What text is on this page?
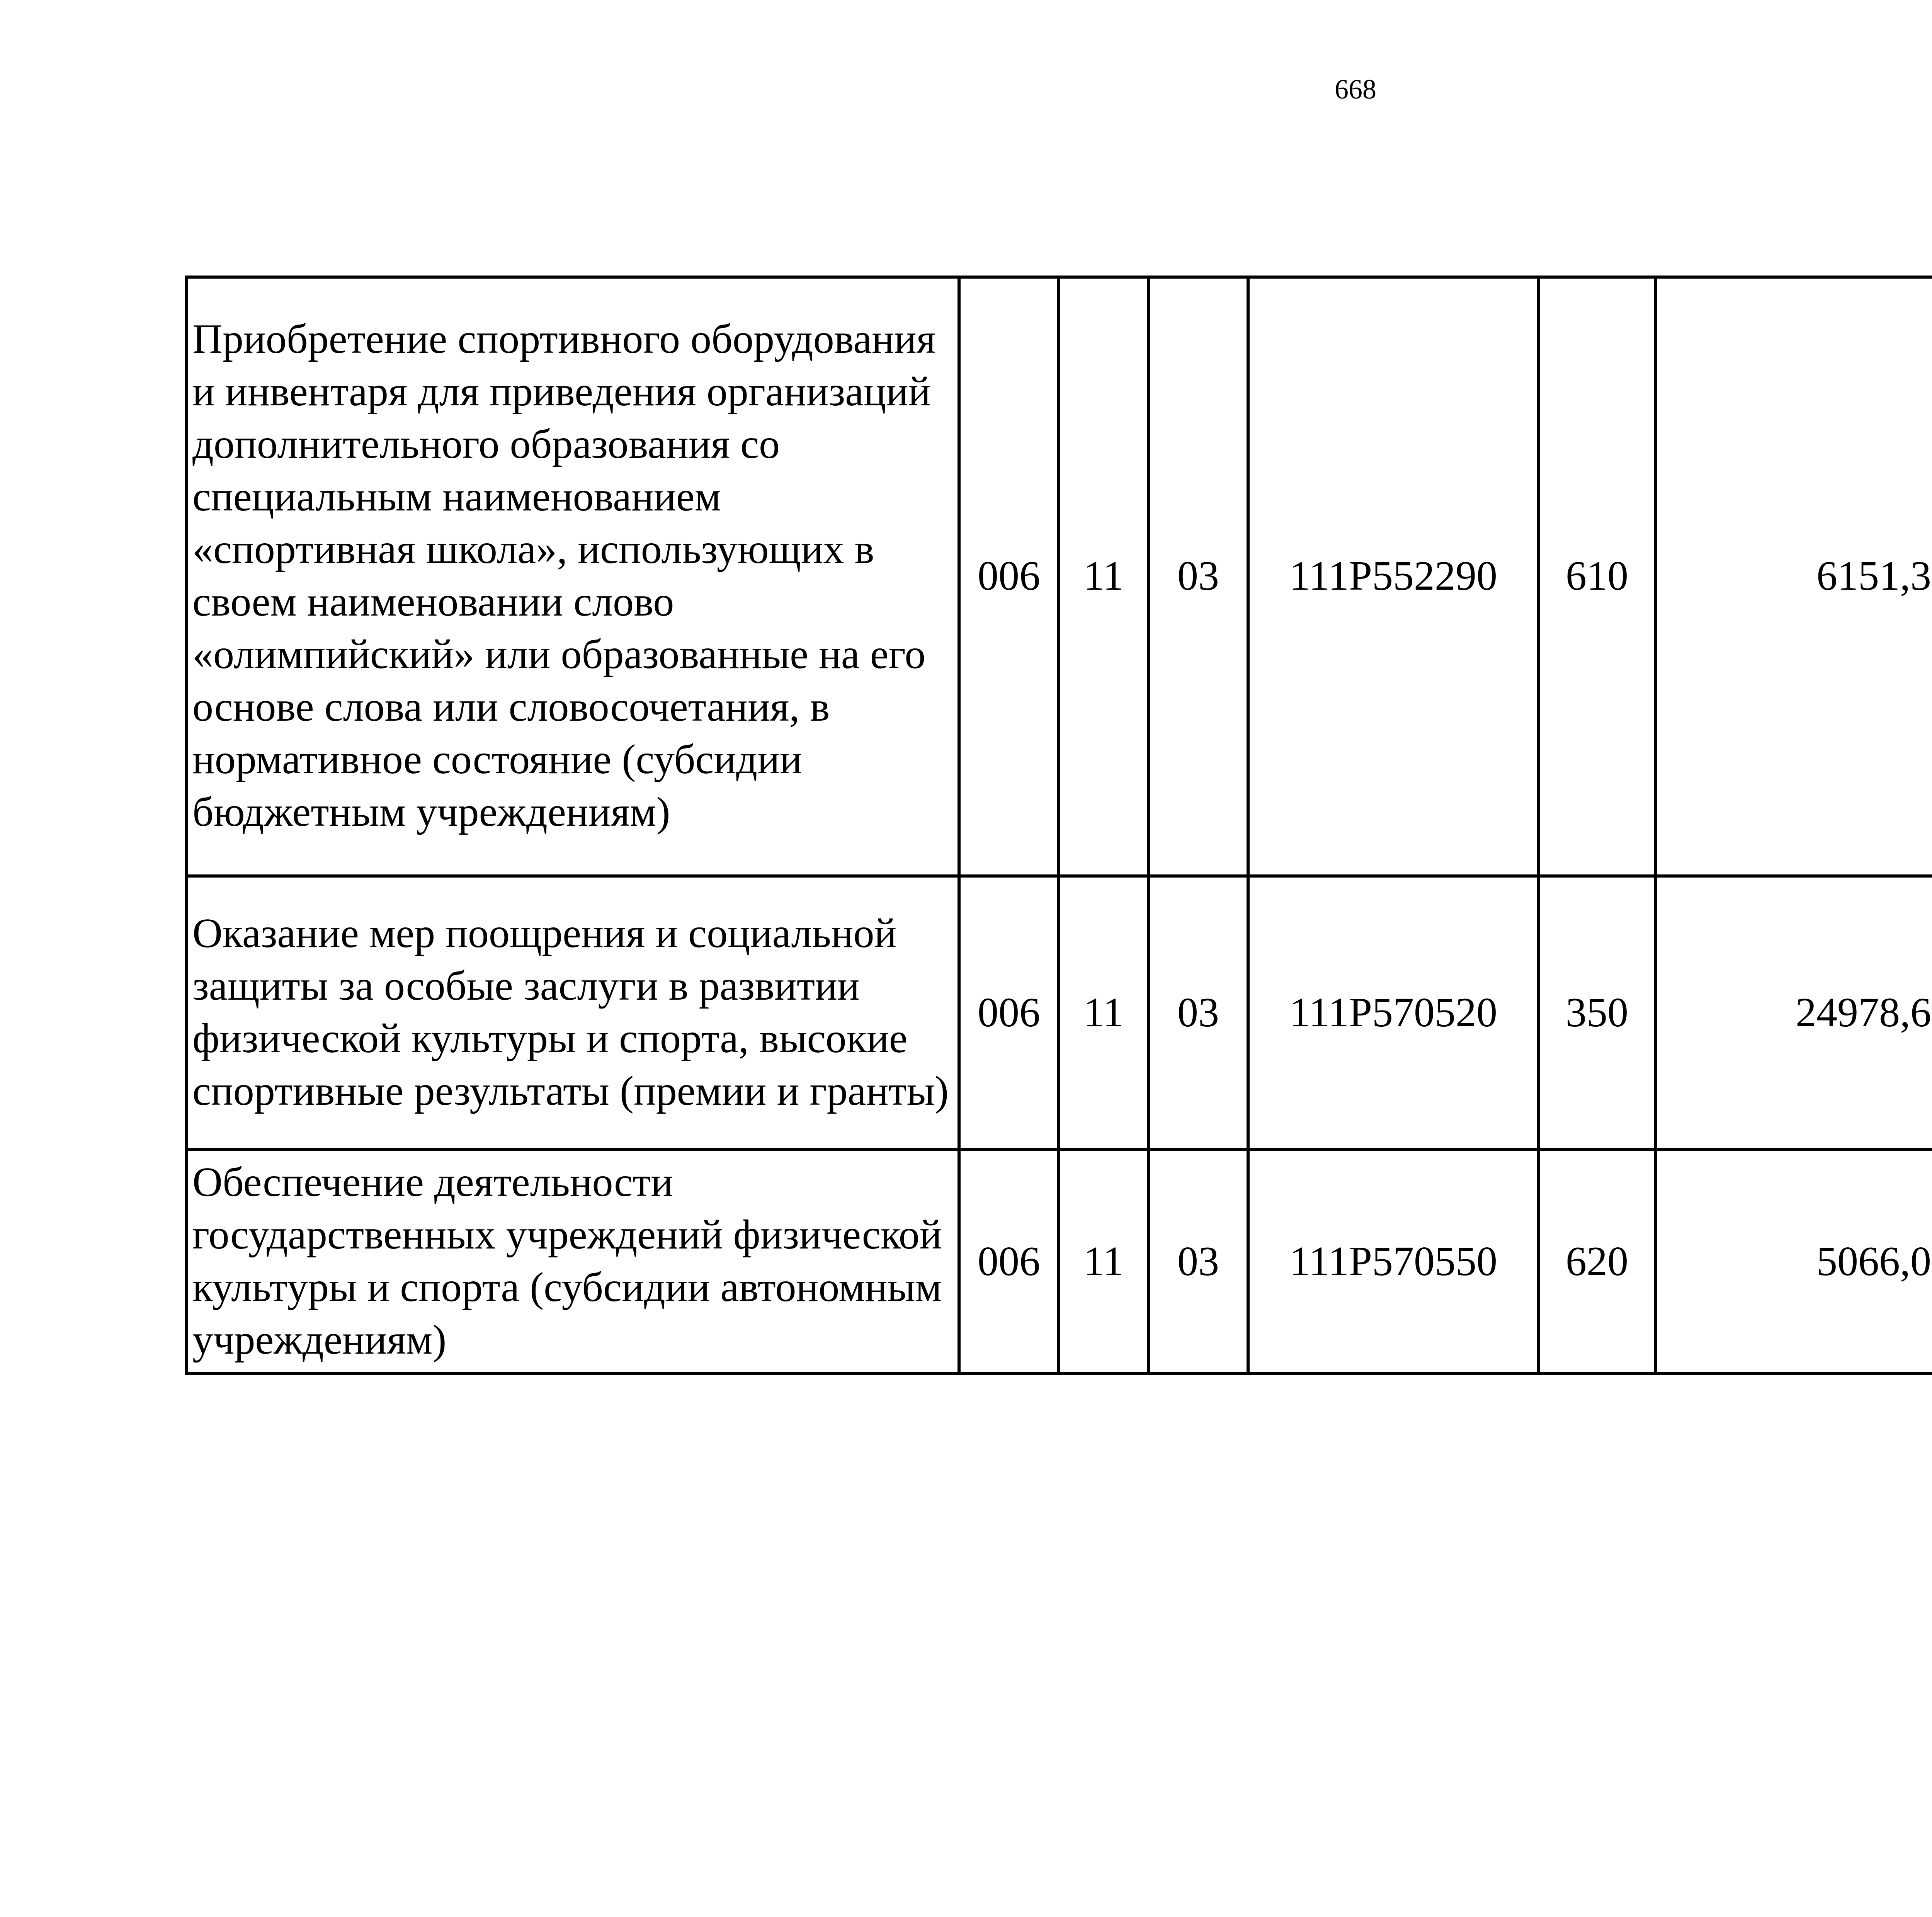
668
Приобретение спортивного оборудования и инвентаря для приведения организаций дополнительного образования со специальным наименованием «спортивная школа», использующих в своем наименовании слово «олимпийский» или образованные на его основе слова или словосочетания, в нормативное состояние (субсидии бюджетным учреждениям)	006	11	03	111P552290	610	6151,3		
Оказание мер поощрения и социальной защиты за особые заслуги в развитии физической культуры и спорта, высокие спортивные результаты (премии и гранты)	006	11	03	111P570520	350	24978,6		
Обеспечение деятельности государственных учреждений физической культуры и спорта (субсидии автономным учреждениям)	006	11	03	111P570550	620	5066,0		
